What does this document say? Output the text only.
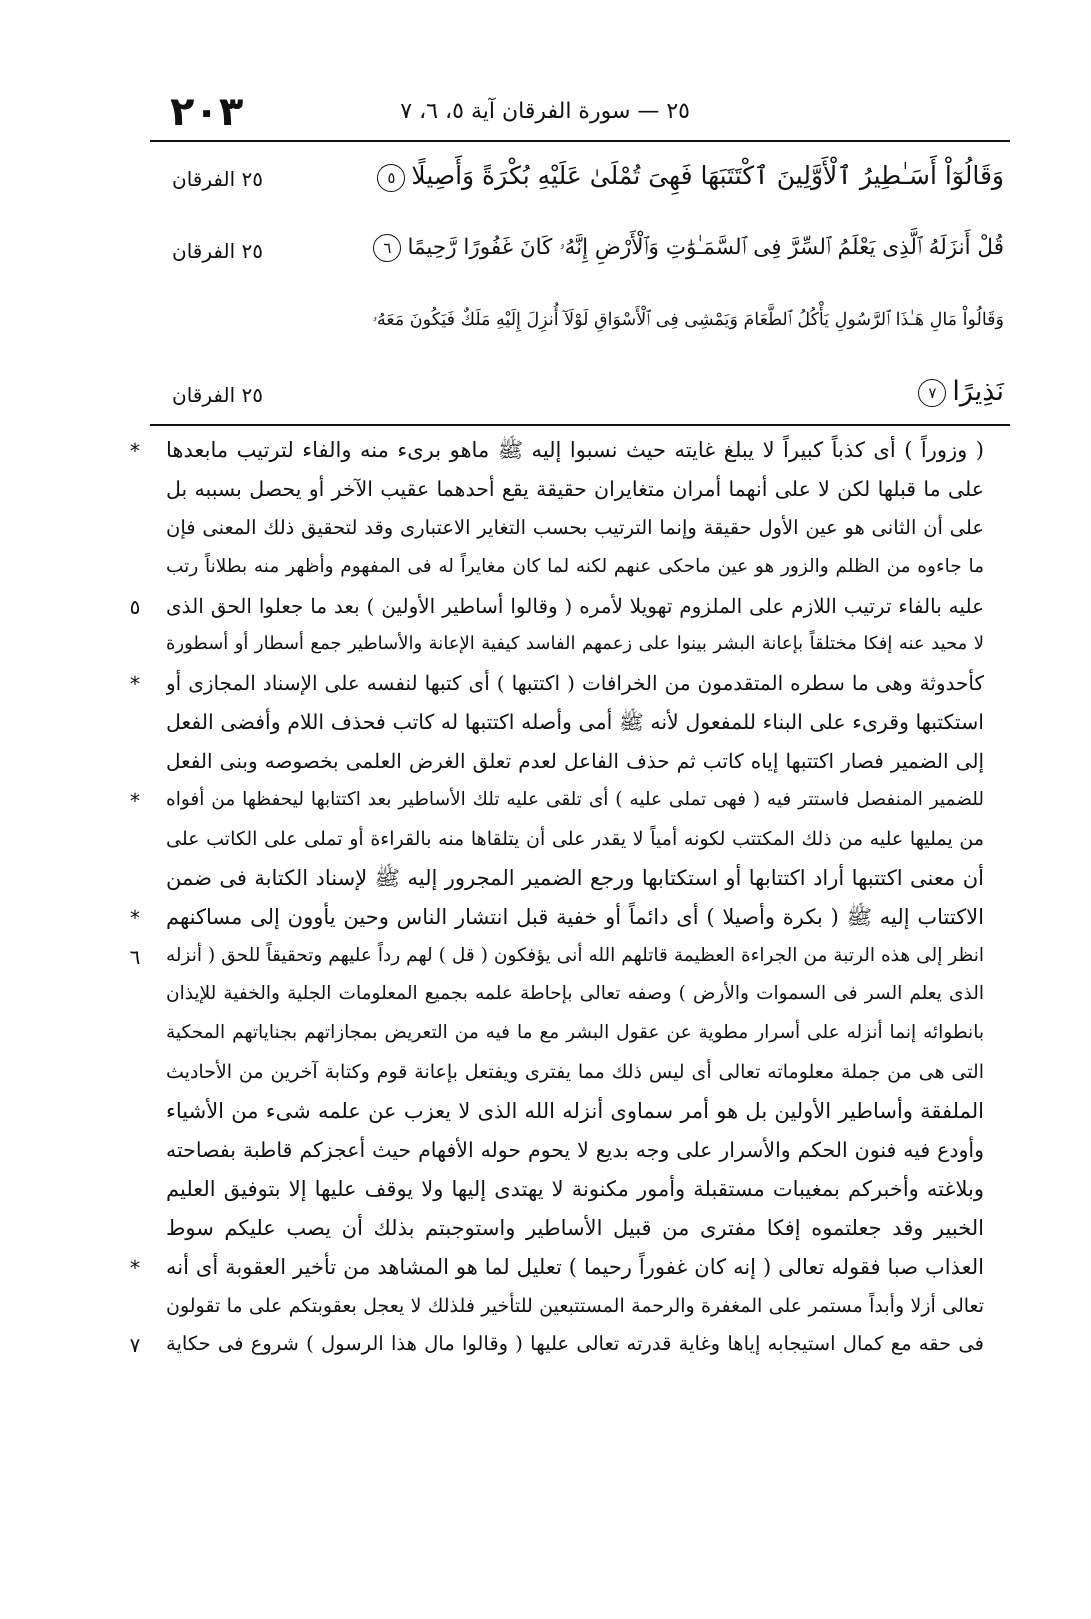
٢٠٣	٢٥ — سورة الفرقان آية ٥، ٦، ٧
وَقَالُوٓاْ أَسَـٰطِيرُ ٱلْأَوَّلِينَ ٱكْتَتَبَهَا فَهِىَ تُمْلَىٰ عَلَيْهِ بُكْرَةً وَأَصِيلًا٥
٢٥ الفرقان
قُلْ أَنزَلَهُ ٱلَّذِى يَعْلَمُ ٱلسِّرَّ فِى ٱلسَّمَـٰوَٰتِ وَٱلْأَرْضِ إِنَّهُۥ كَانَ غَفُورًا رَّحِيمًا٦
٢٥ الفرقان
وَقَالُواْ مَالِ هَـٰذَا ٱلرَّسُولِ يَأْكُلُ ٱلطَّعَامَ وَيَمْشِى فِى ٱلْأَسْوَاقِ لَوْلَآ أُنزِلَ إِلَيْهِ مَلَكٌ فَيَكُونَ مَعَهُۥ
نَذِيرًا٧
٢٥ الفرقان
( وزوراً ) أى كذباً كبيراً لا يبلغ غايته حيث نسبوا إليه ﷺ ماهو برىء منه والفاء لترتيب مابعدها
*
على ما قبلها لكن لا على أنهما أمران متغايران حقيقة يقع أحدهما عقيب الآخر أو يحصل بسببه بل
على أن الثانى هو عين الأول حقيقة وإنما الترتيب بحسب التغاير الاعتبارى وقد لتحقيق ذلك المعنى فإن
ما جاءوه من الظلم والزور هو عين ماحكى عنهم لكنه لما كان مغايراً له فى المفهوم وأظهر منه بطلاناً رتب
عليه بالفاء ترتيب اللازم على الملزوم تهويلا لأمره ( وقالوا أساطير الأولين ) بعد ما جعلوا الحق الذى
٥
لا محيد عنه إفكا مختلقاً بإعانة البشر بينوا على زعمهم الفاسد كيفية الإعانة والأساطير جمع أسطار أو أسطورة
كأحدوثة وهى ما سطره المتقدمون من الخرافات ( اكتتبها ) أى كتبها لنفسه على الإسناد المجازى أو
*
استكتبها وقرىء على البناء للمفعول لأنه ﷺ أمى وأصله اكتتبها له كاتب فحذف اللام وأفضى الفعل
إلى الضمير فصار اكتتبها إياه كاتب ثم حذف الفاعل لعدم تعلق الغرض العلمى بخصوصه وبنى الفعل
للضمير المنفصل فاستتر فيه ( فهى تملى عليه ) أى تلقى عليه تلك الأساطير بعد اكتتابها ليحفظها من أفواه
*
من يمليها عليه من ذلك المكتتب لكونه أمياً لا يقدر على أن يتلقاها منه بالقراءة أو تملى على الكاتب على
أن معنى اكتتبها أراد اكتتابها أو استكتابها ورجع الضمير المجرور إليه ﷺ لإسناد الكتابة فى ضمن
الاكتتاب إليه ﷺ ( بكرة وأصيلا ) أى دائماً أو خفية قبل انتشار الناس وحين يأوون إلى مساكنهم
*
انظر إلى هذه الرتبة من الجراءة العظيمة قاتلهم الله أنى يؤفكون ( قل ) لهم رداً عليهم وتحقيقاً للحق ( أنزله
٦
الذى يعلم السر فى السموات والأرض ) وصفه تعالى بإحاطة علمه بجميع المعلومات الجلية والخفية للإيذان
بانطوائه إنما أنزله على أسرار مطوية عن عقول البشر مع ما فيه من التعريض بمجازاتهم بجناياتهم المحكية
التى هى من جملة معلوماته تعالى أى ليس ذلك مما يفترى ويفتعل بإعانة قوم وكتابة آخرين من الأحاديث
الملفقة وأساطير الأولين بل هو أمر سماوى أنزله الله الذى لا يعزب عن علمه شىء من الأشياء
وأودع فيه فنون الحكم والأسرار على وجه بديع لا يحوم حوله الأفهام حيث أعجزكم قاطبة بفصاحته
وبلاغته وأخبركم بمغيبات مستقبلة وأمور مكنونة لا يهتدى إليها ولا يوقف عليها إلا بتوفيق العليم
الخبير وقد جعلتموه إفكا مفترى من قبيل الأساطير واستوجبتم بذلك أن يصب عليكم سوط
العذاب صبا فقوله تعالى ( إنه كان غفوراً رحيما ) تعليل لما هو المشاهد من تأخير العقوبة أى أنه
*
تعالى أزلا وأبداً مستمر على المغفرة والرحمة المستتبعين للتأخير فلذلك لا يعجل بعقوبتكم على ما تقولون
فى حقه مع كمال استيجابه إياها وغاية قدرته تعالى عليها ( وقالوا مال هذا الرسول ) شروع فى حكاية
٧
